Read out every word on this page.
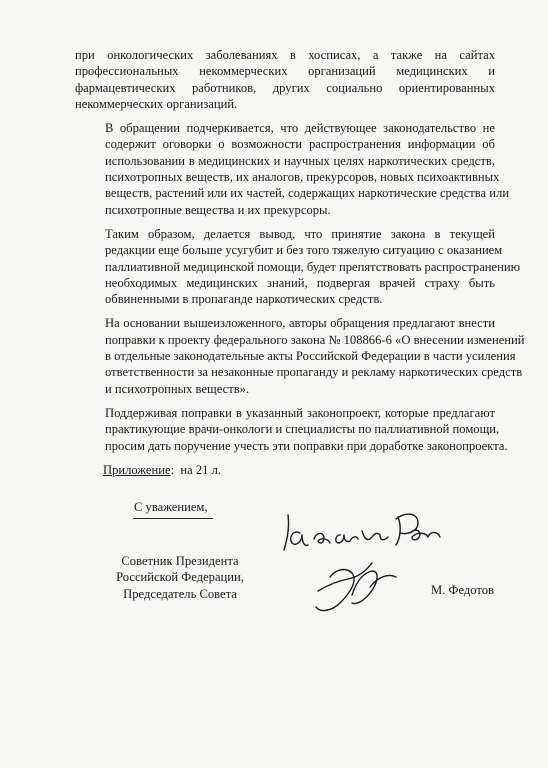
при онкологических заболеваниях в хосписах, а также на сайтах
профессиональных некоммерческих организаций медицинских и
фармацевтических работников, других социально ориентированных
некоммерческих организаций.
В обращении подчеркивается, что действующее законодательство не
содержит оговорки о возможности распространения информации об
использовании в медицинских и научных целях наркотических средств,
психотропных веществ, их аналогов, прекурсоров, новых психоактивных
веществ, растений или их частей, содержащих наркотические средства или
психотропные вещества и их прекурсоры.
Таким образом, делается вывод, что принятие закона в текущей
редакции еще больше усугубит и без того тяжелую ситуацию с оказанием
паллиативной медицинской помощи, будет препятствовать распространению
необходимых медицинских знаний, подвергая врачей страху быть
обвиненными в пропаганде наркотических средств.
На основании вышеизложенного, авторы обращения предлагают внести
поправки к проекту федерального закона № 108866-6 «О внесении изменений
в отдельные законодательные акты Российской Федерации в части усиления
ответственности за незаконные пропаганду и рекламу наркотических средств
и психотропных веществ».
Поддерживая поправки в указанный законопроект, которые предлагают
практикующие врачи-онкологи и специалисты по паллиативной помощи,
просим дать поручение учесть эти поправки при доработке законопроекта.
Приложение:  на 21 л.
С уважением,
Советник Президента
Российской Федерации,
Председатель Совета	М. Федотов
